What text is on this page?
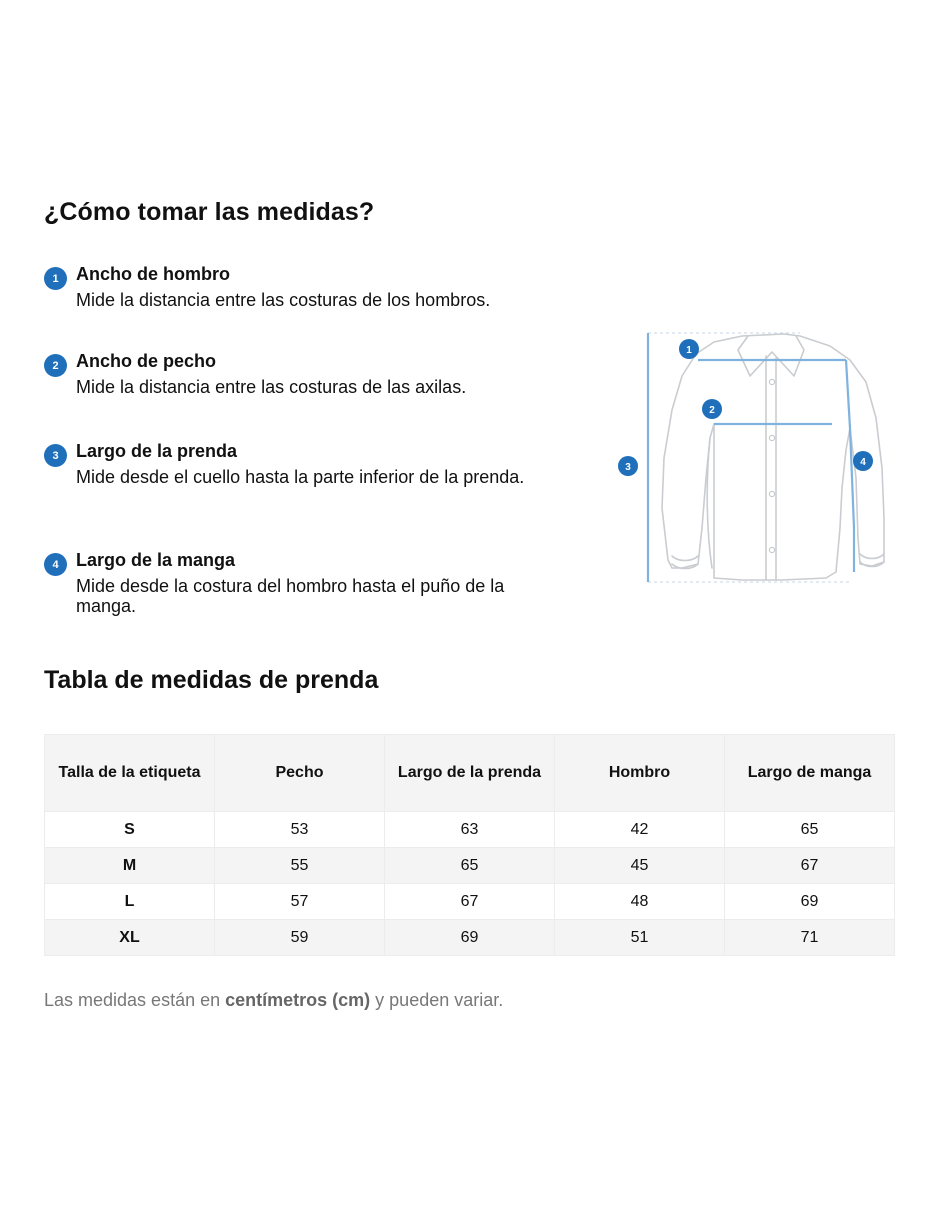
¿Cómo tomar las medidas?
1 Ancho de hombro
Mide la distancia entre las costuras de los hombros.
2 Ancho de pecho
Mide la distancia entre las costuras de las axilas.
3 Largo de la prenda
Mide desde el cuello hasta la parte inferior de la prenda.
4 Largo de la manga
Mide desde la costura del hombro hasta el puño de la manga.
1
2
3	4
Tabla de medidas de prenda
Talla de la etiqueta	Pecho	Largo de la prenda	Hombro	Largo de manga
S	53	63	42	65
M	55	65	45	67
L	57	67	48	69
XL	59	69	51	71
Las medidas están en centímetros (cm) y pueden variar.
